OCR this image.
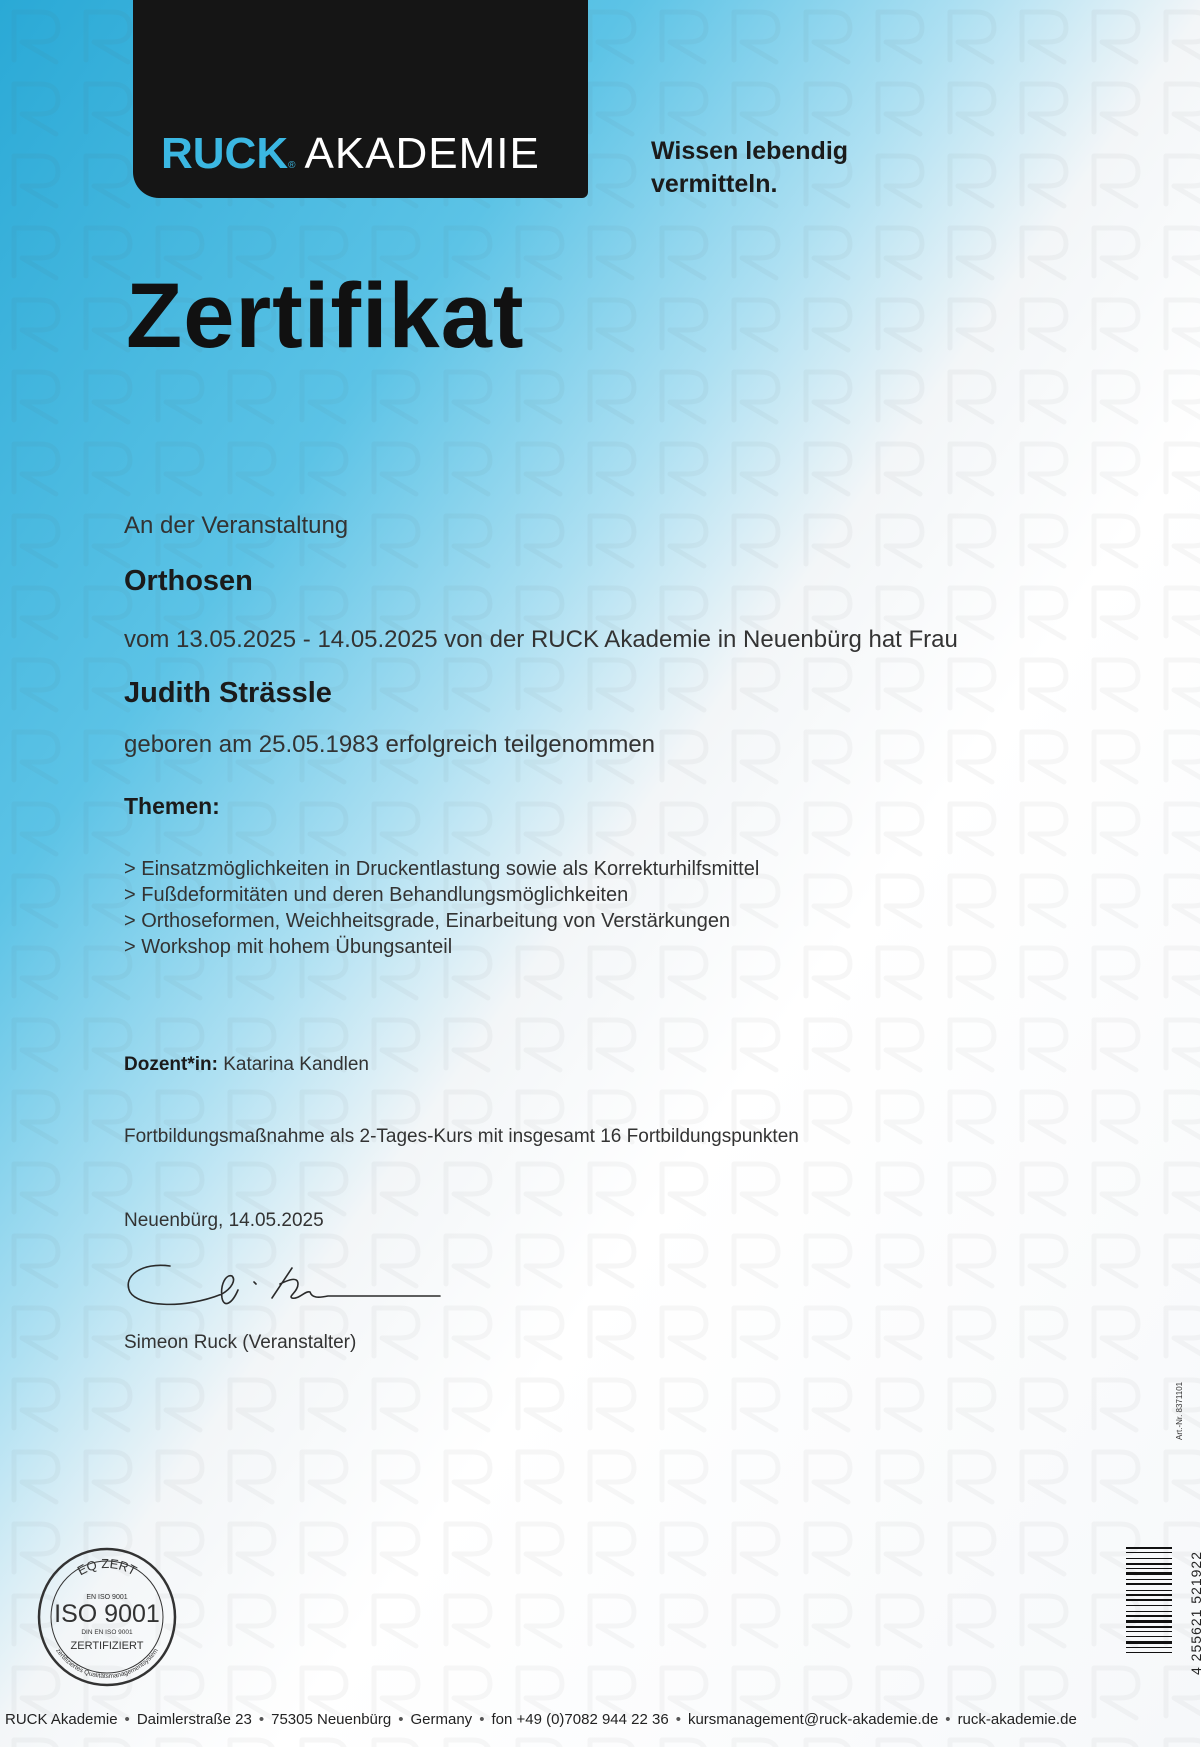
RUCK® AKADEMIE	Wissen lebendig
vermitteln.
Zertifikat
An der Veranstaltung
Orthosen
vom 13.05.2025 - 14.05.2025 von der RUCK Akademie in Neuenbürg hat Frau
Judith Strässle
geboren am 25.05.1983 erfolgreich teilgenommen
Themen:
> Einsatzmöglichkeiten in Druckentlastung sowie als Korrekturhilfsmittel
> Fußdeformitäten und deren Behandlungsmöglichkeiten
> Orthoseformen, Weichheitsgrade, Einarbeitung von Verstärkungen
> Workshop mit hohem Übungsanteil
Dozent*in: Katarina Kandlen
Fortbildungsmaßnahme als 2-Tages-Kurs mit insgesamt 16 Fortbildungspunkten
Neuenbürg, 14.05.2025
Simeon Ruck (Veranstalter)
Art.-Nr. 8371101
4 255621 521922
EQ ZERT
EN ISO 9001
ISO 9001
DIN EN ISO 9001
ZERTIFIZIERT
zertifiziertes Qualitätsmanagementsystem
RUCK Akademie • Daimlerstraße 23 • 75305 Neuenbürg • Germany • fon +49 (0)7082 944 22 36 • kursmanagement@ruck-akademie.de • ruck-akademie.de
